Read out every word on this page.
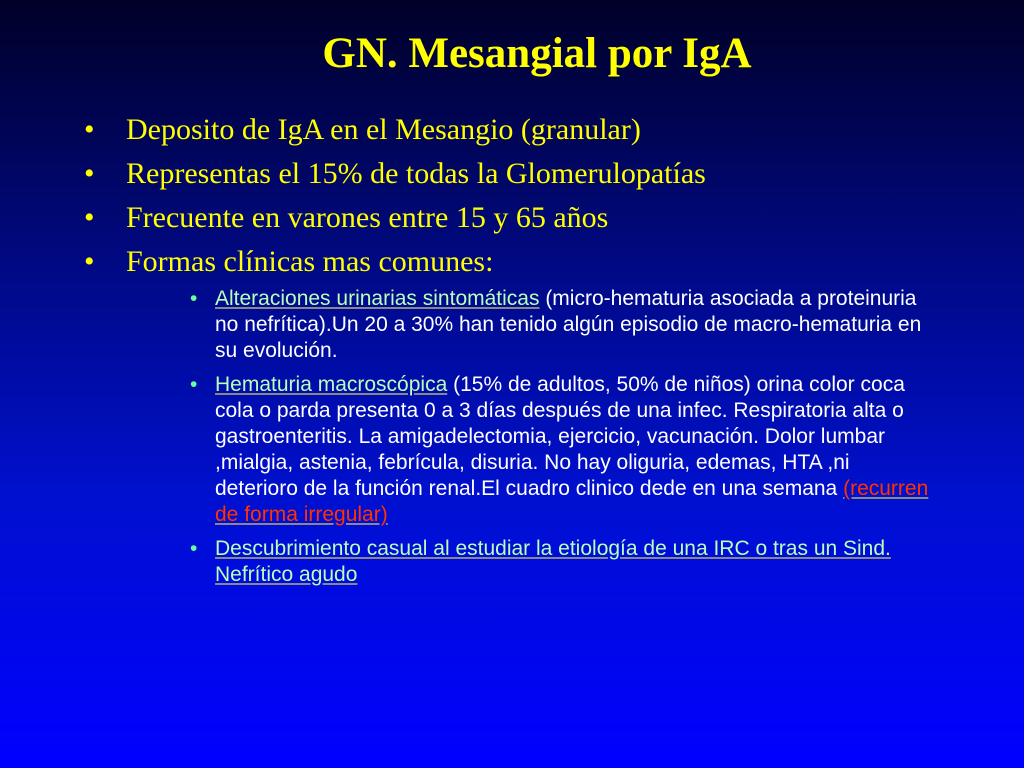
GN. Mesangial por IgA
• Deposito de IgA en el Mesangio (granular)
• Representas el 15% de todas la Glomerulopatías
• Frecuente en varones entre 15 y 65 años
• Formas clínicas mas comunes:
• Alteraciones urinarias sintomáticas (micro-hematuria asociada a proteinuria no nefrítica).Un 20 a 30% han tenido algún episodio de macro-hematuria en su evolución.
• Hematuria macroscópica (15% de adultos, 50% de niños) orina color coca cola o parda presenta 0 a 3 días después de una infec. Respiratoria alta o gastroenteritis. La amigadelectomia, ejercicio, vacunación. Dolor lumbar ,mialgia, astenia, febrícula, disuria. No hay oliguria, edemas, HTA ,ni deterioro de la función renal.El cuadro clinico dede en una semana (recurren de forma irregular)
• Descubrimiento casual al estudiar la etiología de una IRC o tras un Sind. Nefrítico agudo
